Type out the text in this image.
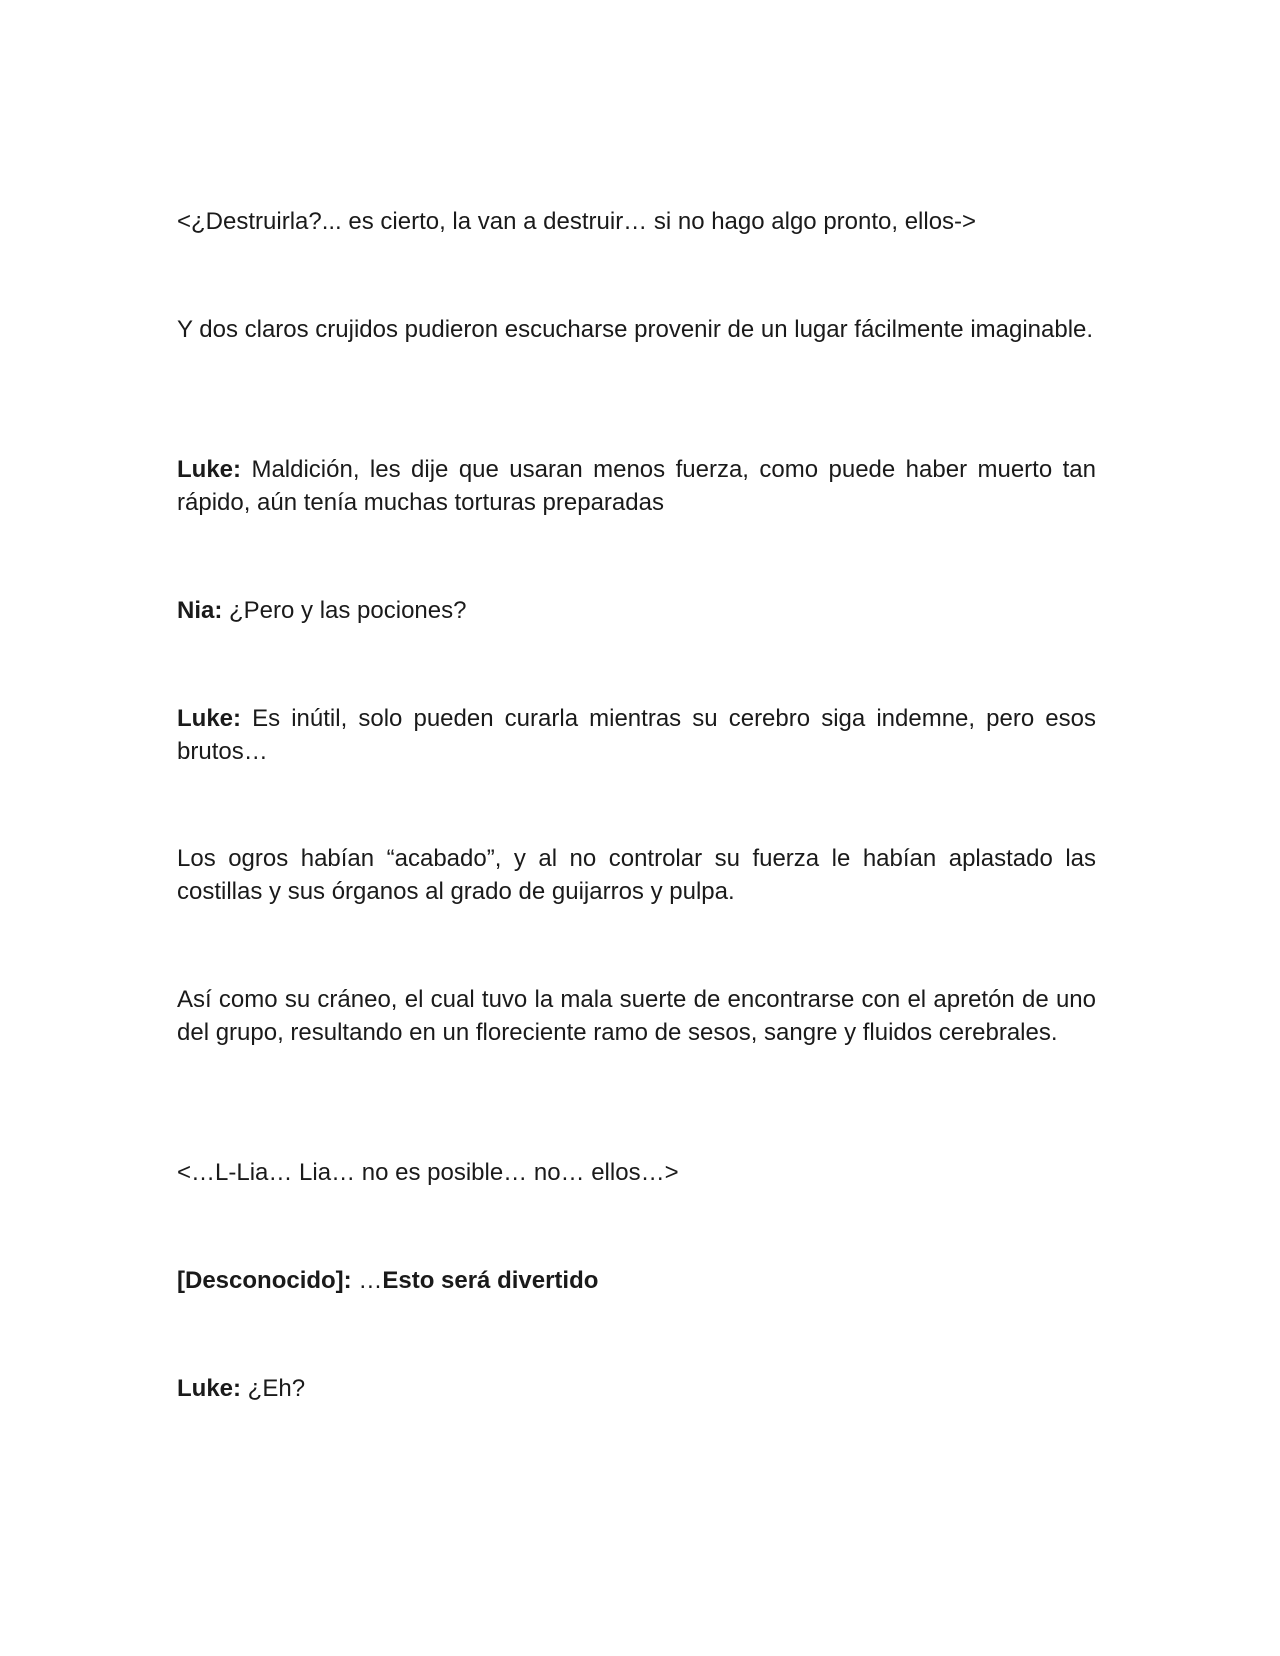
<¿Destruirla?... es cierto, la van a destruir… si no hago algo pronto, ellos->

Y dos claros crujidos pudieron escucharse provenir de un lugar fácilmente imaginable.

Luke: Maldición, les dije que usaran menos fuerza, como puede haber muerto tan rápido, aún tenía muchas torturas preparadas

Nia: ¿Pero y las pociones?

Luke: Es inútil, solo pueden curarla mientras su cerebro siga indemne, pero esos brutos…

Los ogros habían “acabado”, y al no controlar su fuerza le habían aplastado las costillas y sus órganos al grado de guijarros y pulpa.

Así como su cráneo, el cual tuvo la mala suerte de encontrarse con el apretón de uno del grupo, resultando en un floreciente ramo de sesos, sangre y fluidos cerebrales.

<…L-Lia… Lia… no es posible… no… ellos…>

[Desconocido]: …Esto será divertido

Luke: ¿Eh?
